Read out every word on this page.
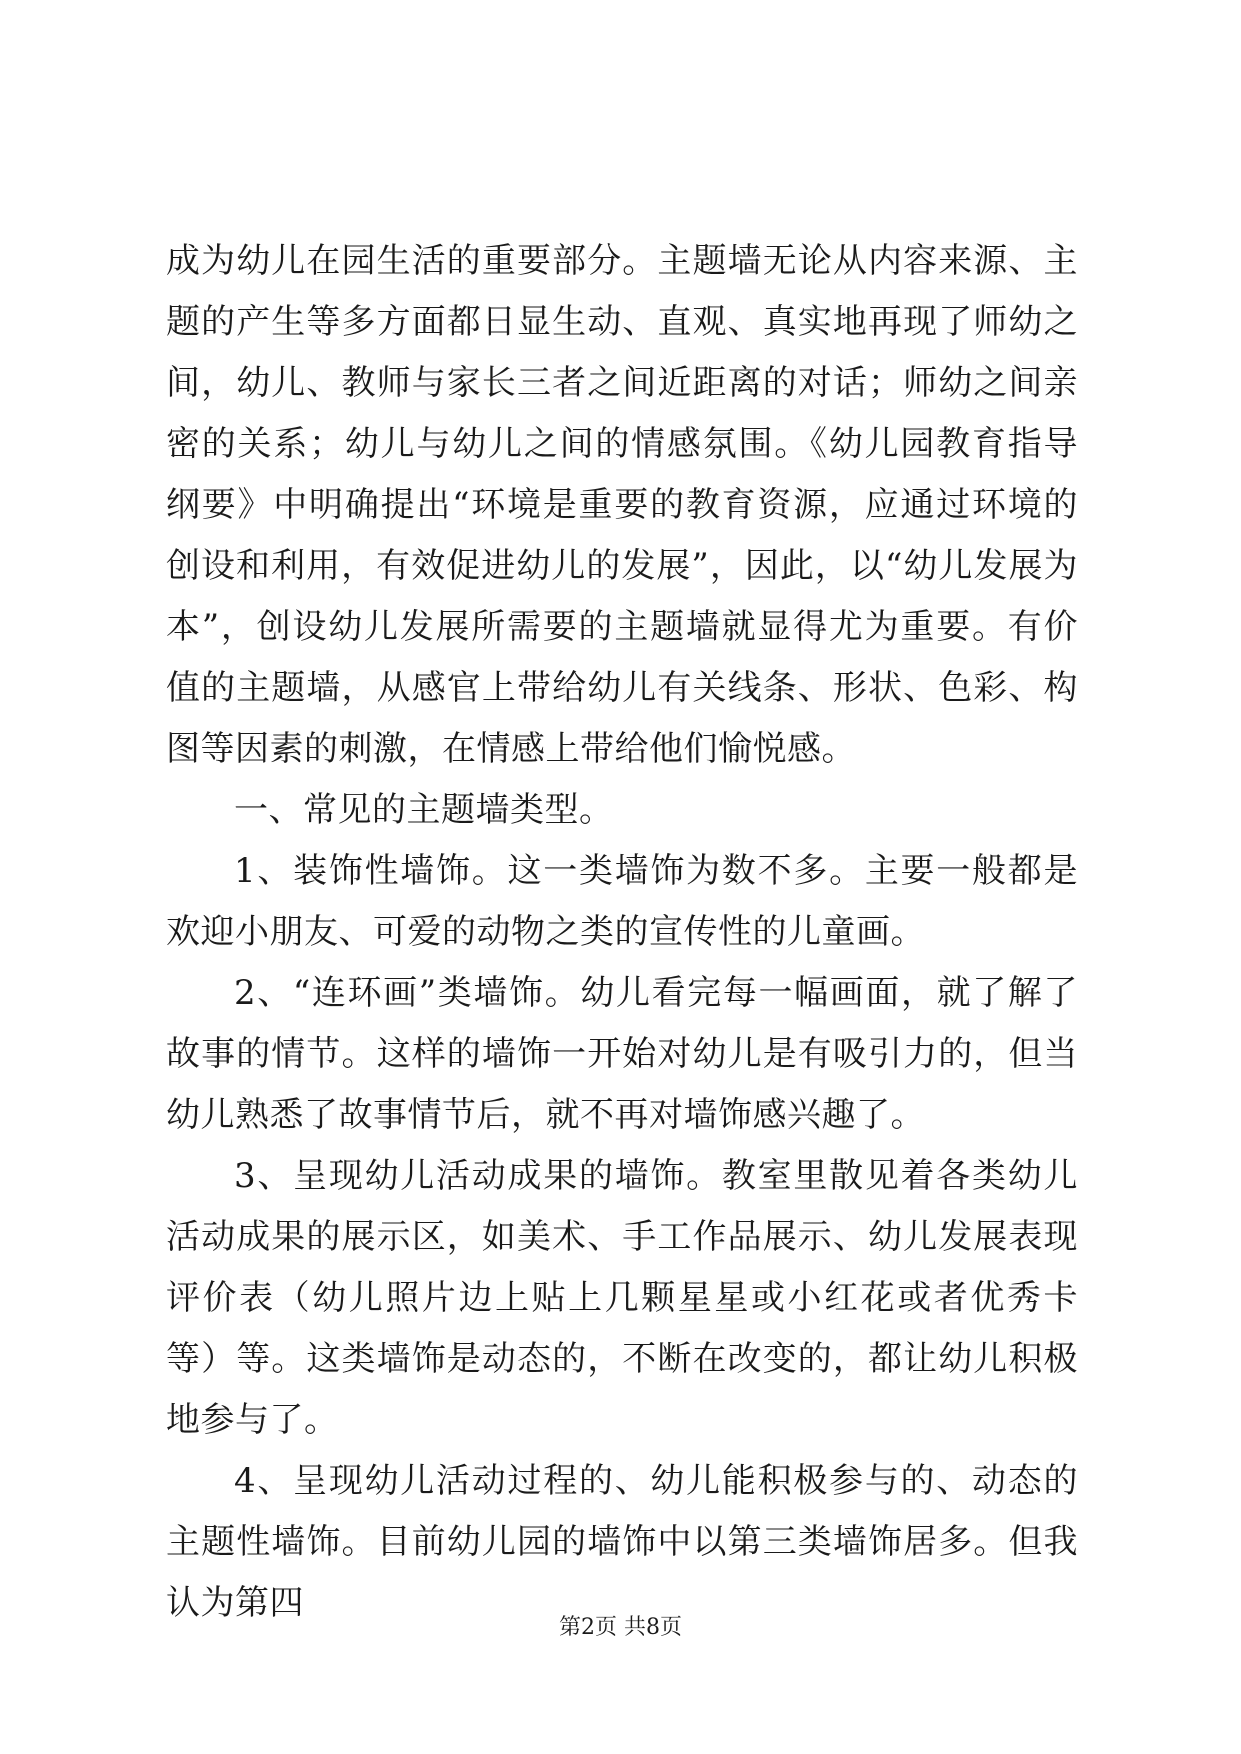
成为幼儿在园生活的重要部分。主题墙无论从内容来源、主题的产生等多方面都日显生动、直观、真实地再现了师幼之间，幼儿、教师与家长三者之间近距离的对话；师幼之间亲密的关系；幼儿与幼儿之间的情感氛围。《幼儿园教育指导纲要》中明确提出“环境是重要的教育资源，应通过环境的创设和利用，有效促进幼儿的发展”，因此，以“幼儿发展为本”，创设幼儿发展所需要的主题墙就显得尤为重要。有价值的主题墙，从感官上带给幼儿有关线条、形状、色彩、构图等因素的刺激，在情感上带给他们愉悦感。

一、常见的主题墙类型。

1、装饰性墙饰。这一类墙饰为数不多。主要一般都是欢迎小朋友、可爱的动物之类的宣传性的儿童画。

2、“连环画”类墙饰。幼儿看完每一幅画面，就了解了故事的情节。这样的墙饰一开始对幼儿是有吸引力的，但当幼儿熟悉了故事情节后，就不再对墙饰感兴趣了。

3、呈现幼儿活动成果的墙饰。教室里散见着各类幼儿活动成果的展示区，如美术、手工作品展示、幼儿发展表现评价表（幼儿照片边上贴上几颗星星或小红花或者优秀卡等）等。这类墙饰是动态的，不断在改变的，都让幼儿积极地参与了。

4、呈现幼儿活动过程的、幼儿能积极参与的、动态的主题性墙饰。目前幼儿园的墙饰中以第三类墙饰居多。但我认为第四

第2页 共8页
